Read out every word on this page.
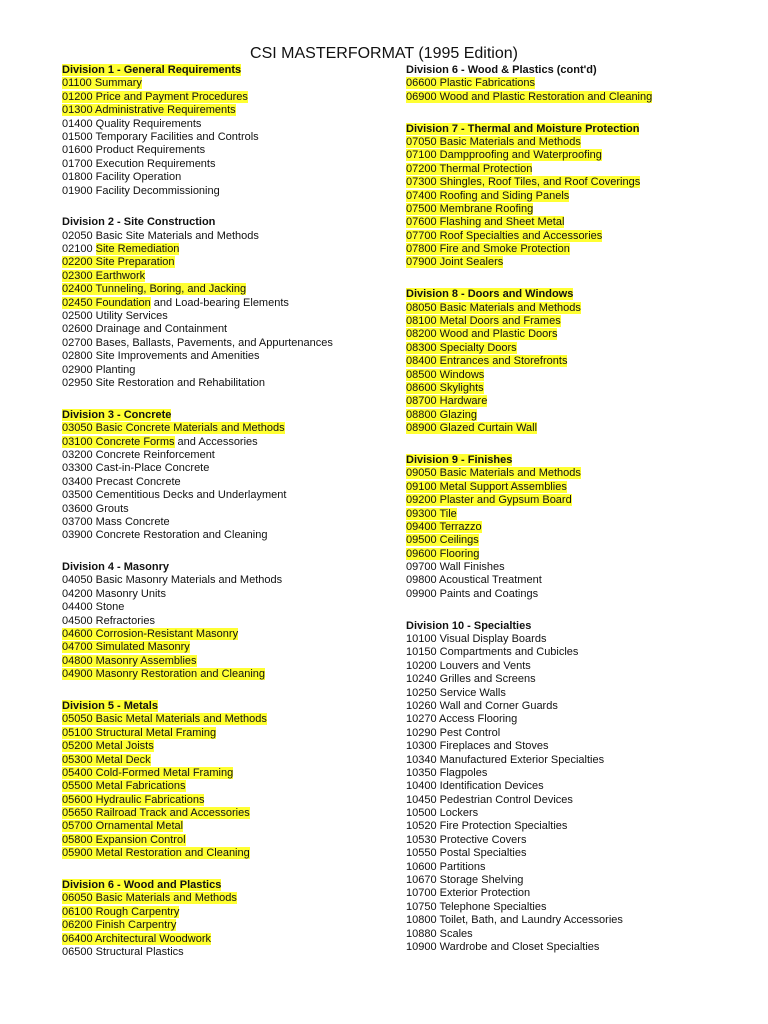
CSI MASTERFORMAT (1995 Edition)
Division 1 - General Requirements
01100 Summary
01200 Price and Payment Procedures
01300 Administrative Requirements
01400 Quality Requirements
01500 Temporary Facilities and Controls
01600 Product Requirements
01700 Execution Requirements
01800 Facility Operation
01900 Facility Decommissioning
Division 2 - Site Construction
02050 Basic Site Materials and Methods
02100 Site Remediation
02200 Site Preparation
02300 Earthwork
02400 Tunneling, Boring, and Jacking
02450 Foundation and Load-bearing Elements
02500 Utility Services
02600 Drainage and Containment
02700 Bases, Ballasts, Pavements, and Appurtenances
02800 Site Improvements and Amenities
02900 Planting
02950 Site Restoration and Rehabilitation
Division 3 - Concrete
03050 Basic Concrete Materials and Methods
03100 Concrete Forms and Accessories
03200 Concrete Reinforcement
03300 Cast-in-Place Concrete
03400 Precast Concrete
03500 Cementitious Decks and Underlayment
03600 Grouts
03700 Mass Concrete
03900 Concrete Restoration and Cleaning
Division 4 - Masonry
04050 Basic Masonry Materials and Methods
04200 Masonry Units
04400 Stone
04500 Refractories
04600 Corrosion-Resistant Masonry
04700 Simulated Masonry
04800 Masonry Assemblies
04900 Masonry Restoration and Cleaning
Division 5 - Metals
05050 Basic Metal Materials and Methods
05100 Structural Metal Framing
05200 Metal Joists
05300 Metal Deck
05400 Cold-Formed Metal Framing
05500 Metal Fabrications
05600 Hydraulic Fabrications
05650 Railroad Track and Accessories
05700 Ornamental Metal
05800 Expansion Control
05900 Metal Restoration and Cleaning
Division 6 - Wood and Plastics
06050 Basic Materials and Methods
06100 Rough Carpentry
06200 Finish Carpentry
06400 Architectural Woodwork
06500 Structural Plastics
Division 6 - Wood & Plastics (cont'd)
06600 Plastic Fabrications
06900 Wood and Plastic Restoration and Cleaning
Division 7 - Thermal and Moisture Protection
07050 Basic Materials and Methods
07100 Dampproofing and Waterproofing
07200 Thermal Protection
07300 Shingles, Roof Tiles, and Roof Coverings
07400 Roofing and Siding Panels
07500 Membrane Roofing
07600 Flashing and Sheet Metal
07700 Roof Specialties and Accessories
07800 Fire and Smoke Protection
07900 Joint Sealers
Division 8 - Doors and Windows
08050 Basic Materials and Methods
08100 Metal Doors and Frames
08200 Wood and Plastic Doors
08300 Specialty Doors
08400 Entrances and Storefronts
08500 Windows
08600 Skylights
08700 Hardware
08800 Glazing
08900 Glazed Curtain Wall
Division 9 - Finishes
09050 Basic Materials and Methods
09100 Metal Support Assemblies
09200 Plaster and Gypsum Board
09300 Tile
09400 Terrazzo
09500 Ceilings
09600 Flooring
09700 Wall Finishes
09800 Acoustical Treatment
09900 Paints and Coatings
Division 10 - Specialties
10100 Visual Display Boards
10150 Compartments and Cubicles
10200 Louvers and Vents
10240 Grilles and Screens
10250 Service Walls
10260 Wall and Corner Guards
10270 Access Flooring
10290 Pest Control
10300 Fireplaces and Stoves
10340 Manufactured Exterior Specialties
10350 Flagpoles
10400 Identification Devices
10450 Pedestrian Control Devices
10500 Lockers
10520 Fire Protection Specialties
10530 Protective Covers
10550 Postal Specialties
10600 Partitions
10670 Storage Shelving
10700 Exterior Protection
10750 Telephone Specialties
10800 Toilet, Bath, and Laundry Accessories
10880 Scales
10900 Wardrobe and Closet Specialties
